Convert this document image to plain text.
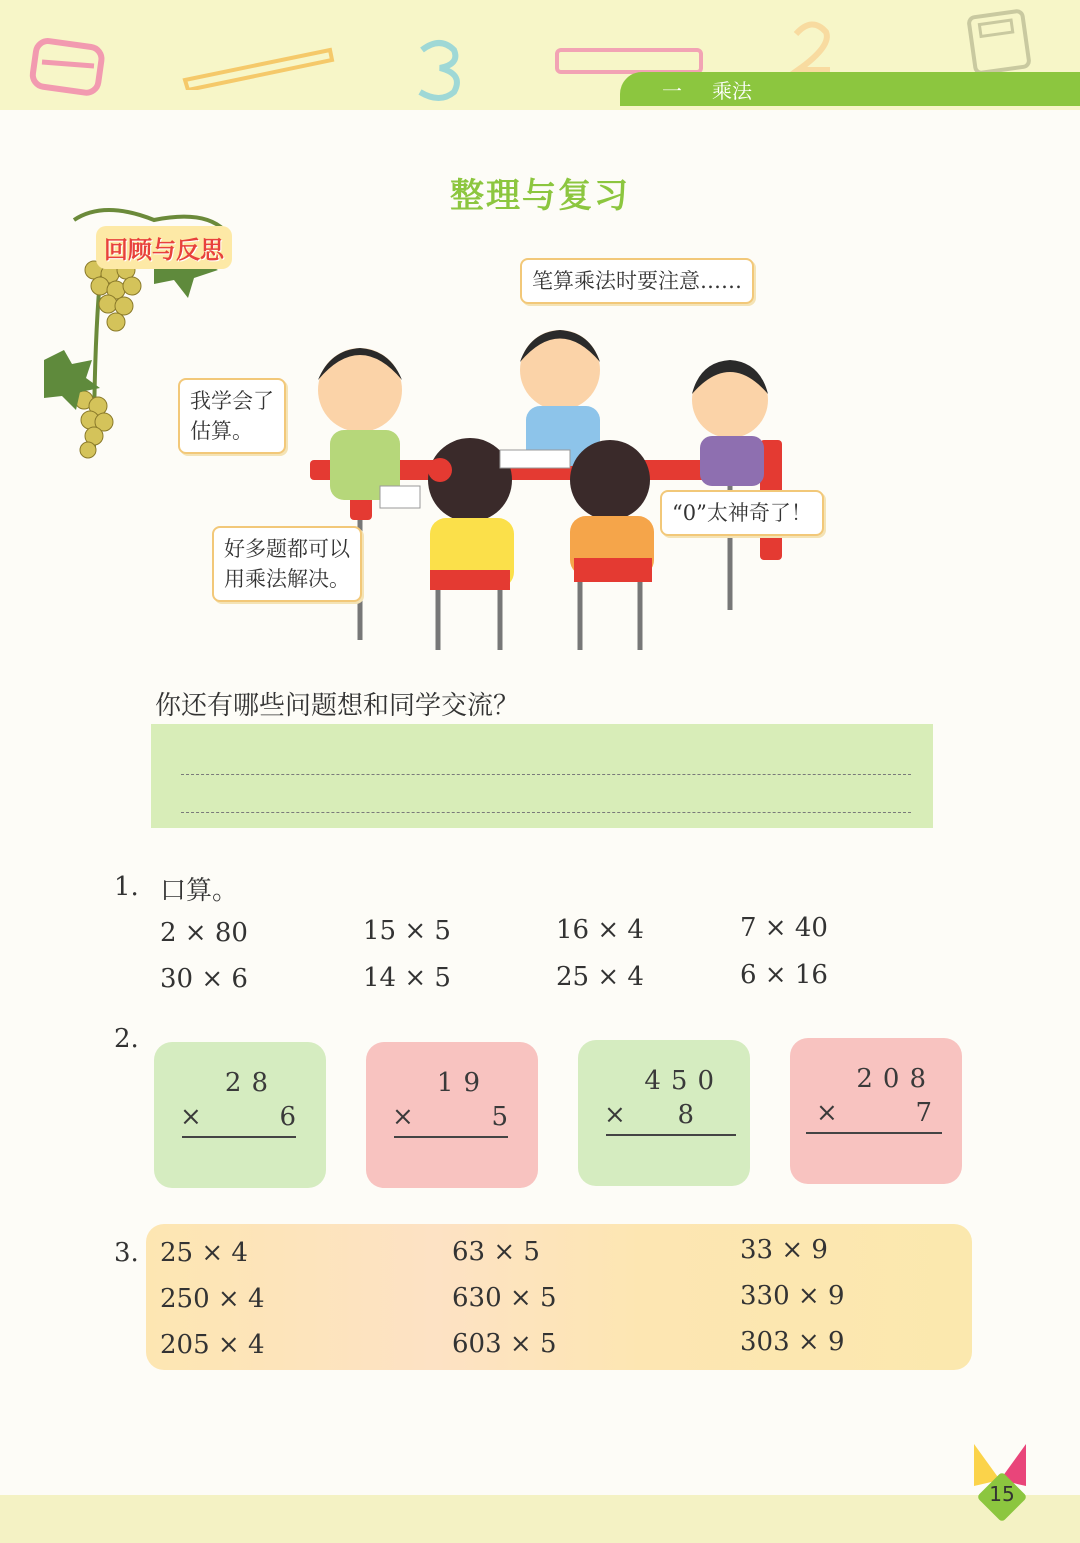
一 乘法
整理与复习
回顾与反思
笔算乘法时要注意……
我学会了
估算。
好多题都可以
用乘法解决。
“0”太神奇了！
你还有哪些问题想和同学交流？
1. 口算。
2 × 80	15 × 5	16 × 4	7 × 40
30 × 6	14 × 5	25 × 4	6 × 16
2.
28
×	6
19
×	5
450
× 8
208
×	7
3. 25 × 4	63 × 5	33 × 9
250 × 4	630 × 5	330 × 9
205 × 4	603 × 5	303 × 9
15
